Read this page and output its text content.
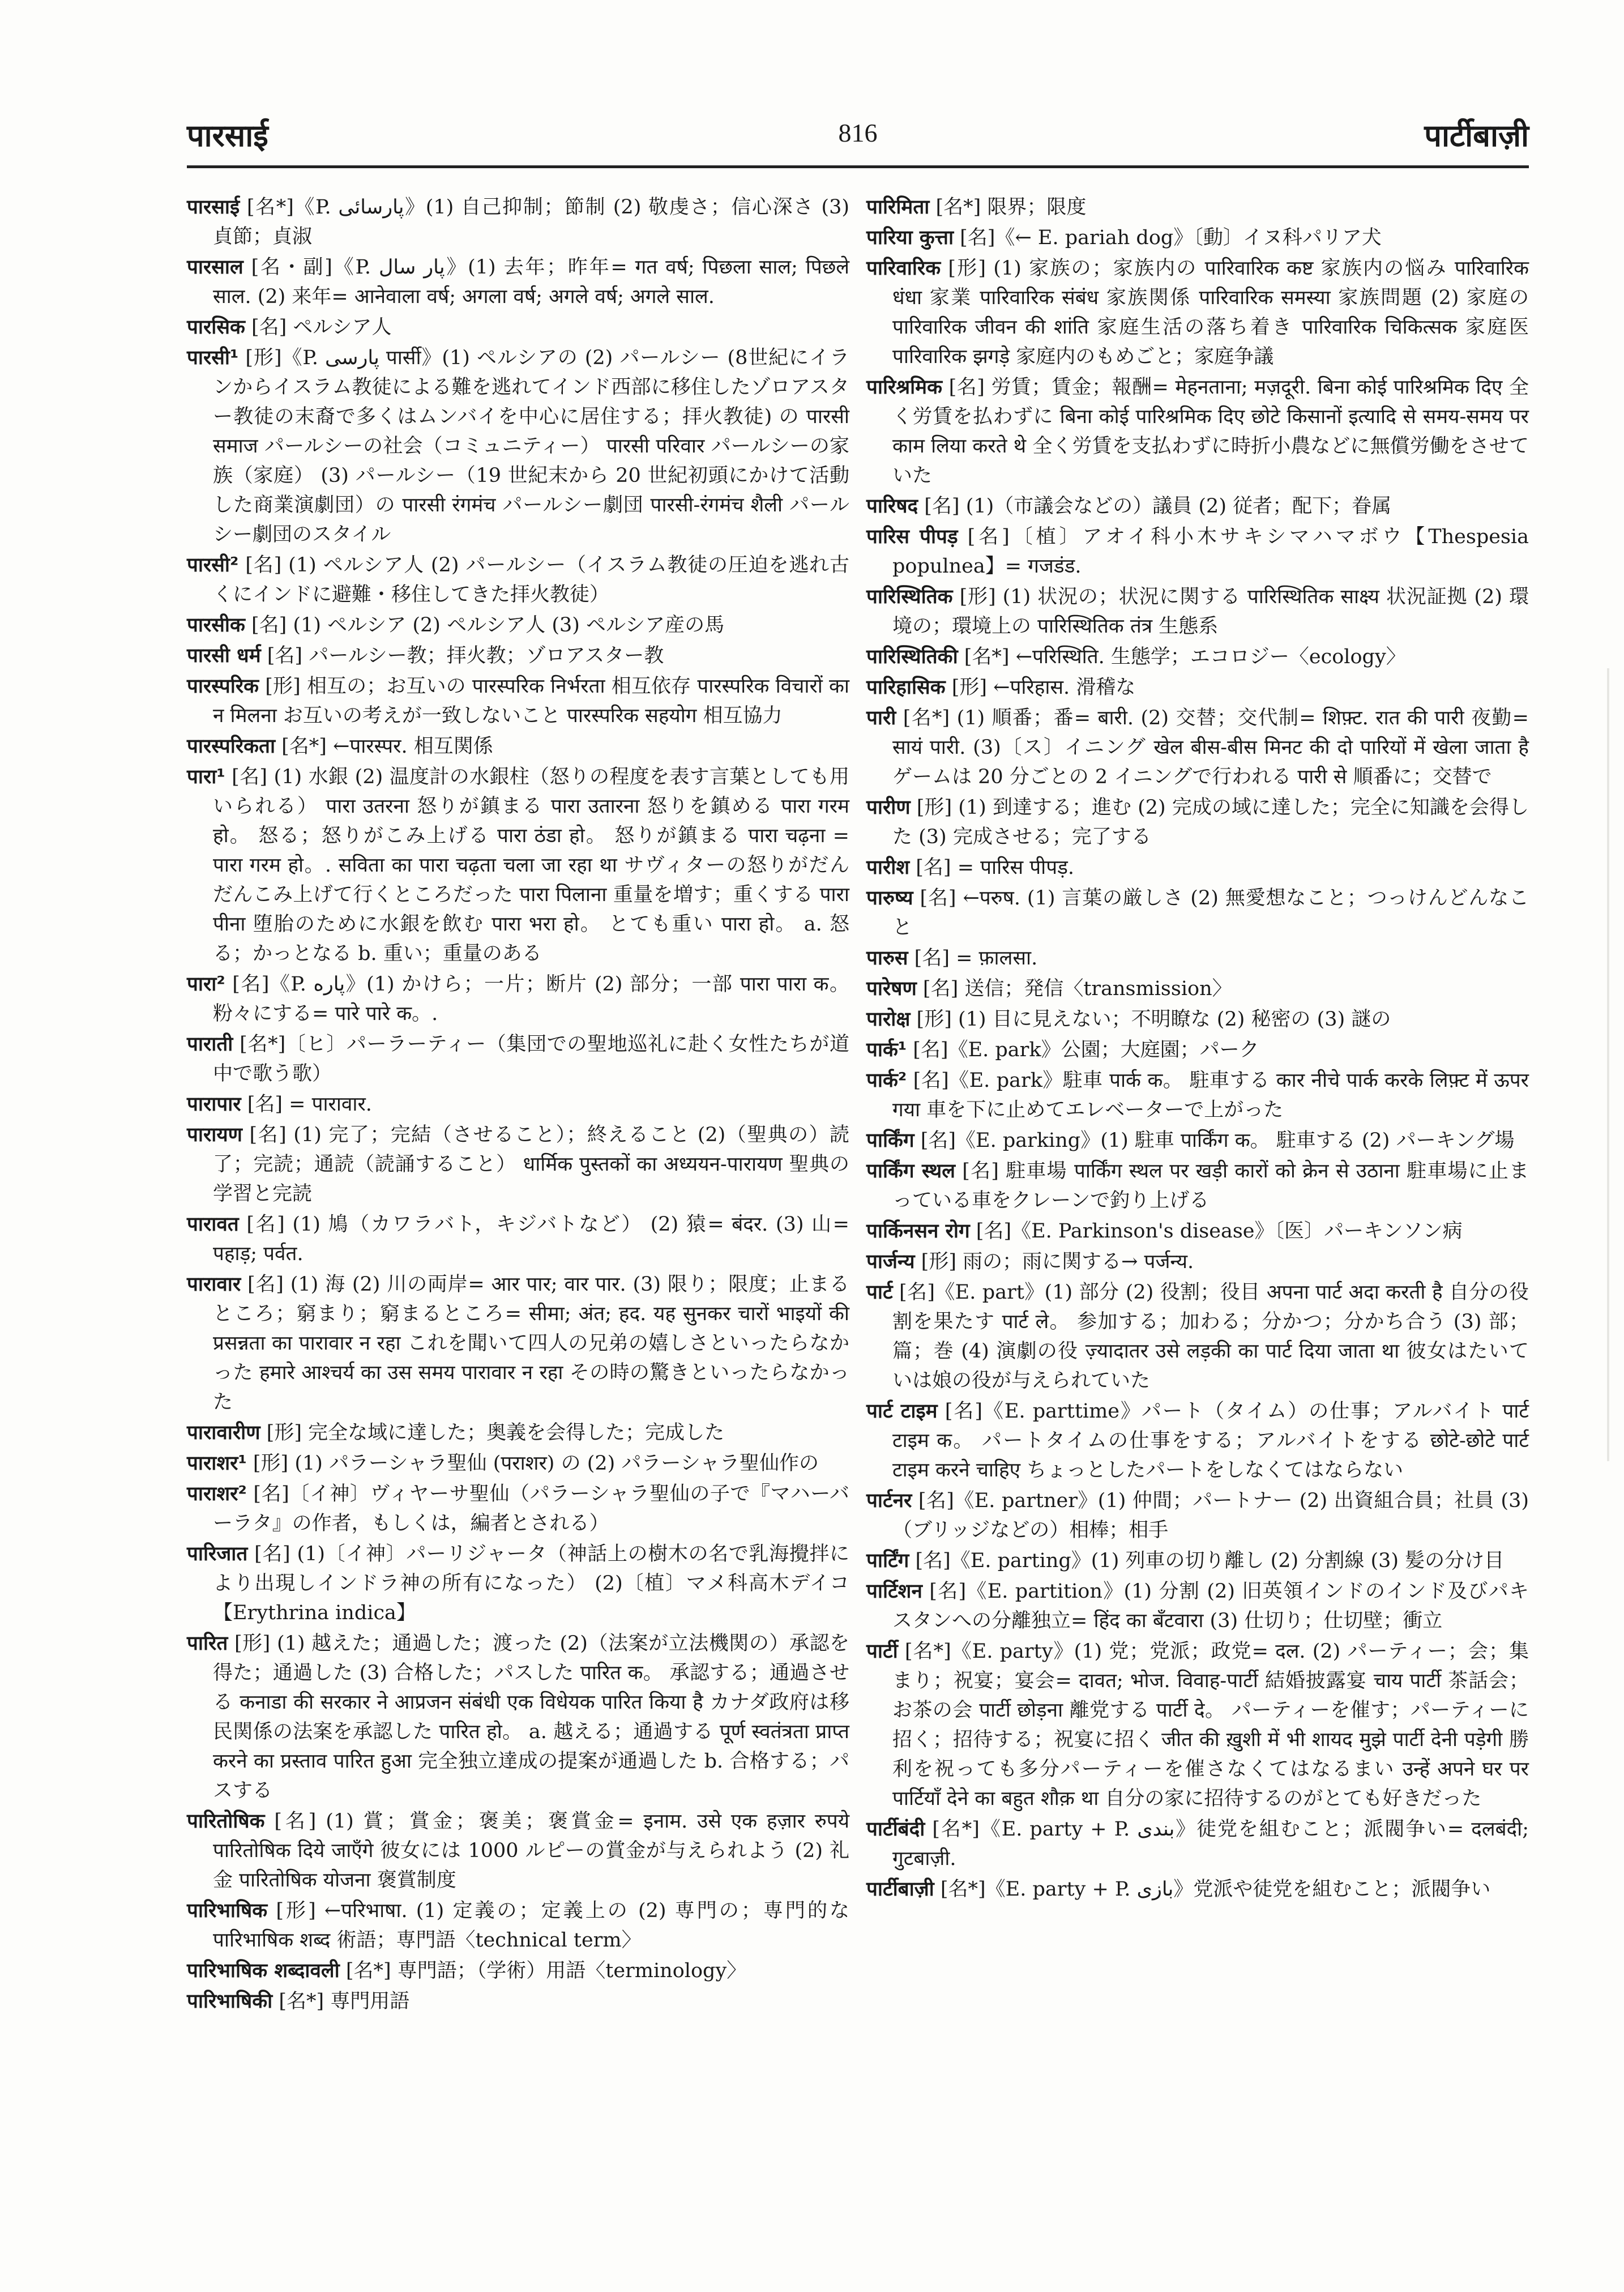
पारसाई	816	पार्टीबाज़ी

पारसाई [名*]《P. پارسائی》(1) 自己抑制；節制 (2) 敬虔さ；信心深さ (3) 貞節；貞淑

पारसाल [名・副]《P. پار سال》(1) 去年；昨年= गत वर्ष; पिछला साल; पिछले साल. (2) 来年= आनेवाला वर्ष; अगला वर्ष; अगले वर्ष; अगले साल.

पारसिक [名] ペルシア人

पारसी¹ [形]《P. پارسی पार्सी》(1) ペルシアの (2) パールシー (8世紀にイランからイスラム教徒による難を逃れてインド西部に移住したゾロアスター教徒の末裔で多くはムンバイを中心に居住する；拝火教徒) の पारसी समाज パールシーの社会（コミュニティー） पारसी परिवार パールシーの家族（家庭） (3) パールシー（19 世紀末から 20 世紀初頭にかけて活動した商業演劇団）の पारसी रंगमंच パールシー劇団 पारसी-रंगमंच शैली パールシー劇団のスタイル

पारसी² [名] (1) ペルシア人 (2) パールシー（イスラム教徒の圧迫を逃れ古くにインドに避難・移住してきた拝火教徒）

पारसीक [名] (1) ペルシア (2) ペルシア人 (3) ペルシア産の馬

पारसी धर्म [名] パールシー教；拝火教；ゾロアスター教

पारस्परिक [形] 相互の；お互いの पारस्परिक निर्भरता 相互依存 पारस्परिक विचारों का न मिलना お互いの考えが一致しないこと पारस्परिक सहयोग 相互協力

पारस्परिकता [名*] ←पारस्पर. 相互関係

पारा¹ [名] (1) 水銀 (2) 温度計の水銀柱（怒りの程度を表す言葉としても用いられる） पारा उतरना 怒りが鎮まる पारा उतारना 怒りを鎮める पारा गरम हो。 怒る；怒りがこみ上げる पारा ठंडा हो。 怒りが鎮まる पारा चढ़ना = पारा गरम हो。. सविता का पारा चढ़ता चला जा रहा था サヴィターの怒りがだんだんこみ上げて行くところだった पारा पिलाना 重量を増す；重くする पारा पीना 堕胎のために水銀を飲む पारा भरा हो。 とても重い पारा हो。 a. 怒る；かっとなる b. 重い；重量のある

पारा² [名]《P. پاره》(1) かけら；一片；断片 (2) 部分；一部 पारा पारा क。粉々にする= पारे पारे क。.

पाराती [名*]〔ヒ〕パーラーティー（集団での聖地巡礼に赴く女性たちが道中で歌う歌）

पारापार [名] = पारावार.

पारायण [名] (1) 完了；完結（させること）；終えること (2)（聖典の）読了；完読；通読（読誦すること） धार्मिक पुस्तकों का अध्ययन-पारायण 聖典の学習と完読

पारावत [名] (1) 鳩（カワラバト，キジバトなど） (2) 猿= बंदर. (3) 山= पहाड़; पर्वत.

पारावार [名] (1) 海 (2) 川の両岸= आर पार; वार पार. (3) 限り；限度；止まるところ；窮まり；窮まるところ= सीमा; अंत; हद. यह सुनकर चारों भाइयों की प्रसन्नता का पारावार न रहा これを聞いて四人の兄弟の嬉しさといったらなかった हमारे आश्चर्य का उस समय पारावार न रहा その時の驚きといったらなかった

पारावारीण [形] 完全な域に達した；奥義を会得した；完成した

पाराशर¹ [形] (1) パラーシャラ聖仙 (पराशर) の (2) パラーシャラ聖仙作の

पाराशर² [名]〔イ神〕ヴィヤーサ聖仙（パラーシャラ聖仙の子で『マハーバーラタ』の作者，もしくは，編者とされる）

पारिजात [名] (1)〔イ神〕パーリジャータ（神話上の樹木の名で乳海攪拌により出現しインドラ神の所有になった） (2)〔植〕マメ科高木デイコ【Erythrina indica】

पारित [形] (1) 越えた；通過した；渡った (2)（法案が立法機関の）承認を得た；通過した (3) 合格した；パスした पारित क。 承認する；通過させる कनाडा की सरकार ने आप्रजन संबंधी एक विधेयक पारित किया है カナダ政府は移民関係の法案を承認した पारित हो。 a. 越える；通過する पूर्ण स्वतंत्रता प्राप्त करने का प्रस्ताव पारित हुआ 完全独立達成の提案が通過した b. 合格する；パスする

पारितोषिक [名] (1) 賞；賞金；褒美；褒賞金= इनाम. उसे एक हज़ार रुपये पारितोषिक दिये जाएँगे 彼女には 1000 ルピーの賞金が与えられよう (2) 礼金 पारितोषिक योजना 褒賞制度

पारिभाषिक [形] ←परिभाषा. (1) 定義の；定義上の (2) 専門の；専門的な पारिभाषिक शब्द 術語；専門語〈technical term〉

पारिभाषिक शब्दावली [名*] 専門語；（学術）用語〈terminology〉

पारिभाषिकी [名*] 専門用語

पारिमिता [名*] 限界；限度

पारिया कुत्ता [名]《← E. pariah dog》〔動〕イヌ科パリア犬

पारिवारिक [形] (1) 家族の；家族内の पारिवारिक कष्ट 家族内の悩み पारिवारिक धंधा 家業 पारिवारिक संबंध 家族関係 पारिवारिक समस्या 家族問題 (2) 家庭の पारिवारिक जीवन की शांति 家庭生活の落ち着き पारिवारिक चिकित्सक 家庭医 पारिवारिक झगड़े 家庭内のもめごと；家庭争議

पारिश्रमिक [名] 労賃；賃金；報酬= मेहनताना; मज़दूरी. बिना कोई पारिश्रमिक दिए 全く労賃を払わずに बिना कोई पारिश्रमिक दिए छोटे किसानों इत्यादि से समय-समय पर काम लिया करते थे 全く労賃を支払わずに時折小農などに無償労働をさせていた

पारिषद [名] (1)（市議会などの）議員 (2) 従者；配下；眷属

पारिस पीपड़ [名]〔植〕アオイ科小木サキシマハマボウ【Thespesia populnea】= गजडंड.

पारिस्थितिक [形] (1) 状況の；状況に関する पारिस्थितिक साक्ष्य 状況証拠 (2) 環境の；環境上の पारिस्थितिक तंत्र 生態系

पारिस्थितिकी [名*] ←परिस्थिति. 生態学；エコロジー〈ecology〉

पारिहासिक [形] ←परिहास. 滑稽な

पारी [名*] (1) 順番；番= बारी. (2) 交替；交代制= शिफ़्ट. रात की पारी 夜勤= सायं पारी. (3)〔ス〕イニング खेल बीस-बीस मिनट की दो पारियों में खेला जाता है ゲームは 20 分ごとの 2 イニングで行われる पारी से 順番に；交替で

पारीण [形] (1) 到達する；進む (2) 完成の域に達した；完全に知識を会得した (3) 完成させる；完了する

पारीश [名] = पारिस पीपड़.

पारुष्य [名] ←परुष. (1) 言葉の厳しさ (2) 無愛想なこと；つっけんどんなこと

पारुस [名] = फ़ालसा.

पारेषण [名] 送信；発信〈transmission〉

पारोक्ष [形] (1) 目に見えない；不明瞭な (2) 秘密の (3) 謎の

पार्क¹ [名]《E. park》公園；大庭園；パーク

पार्क² [名]《E. park》駐車 पार्क क。 駐車する कार नीचे पार्क करके लिफ़्ट में ऊपर गया 車を下に止めてエレベーターで上がった

पार्किंग [名]《E. parking》(1) 駐車 पार्किंग क。 駐車する (2) パーキング場

पार्किंग स्थल [名] 駐車場 पार्किंग स्थल पर खड़ी कारों को क्रेन से उठाना 駐車場に止まっている車をクレーンで釣り上げる

पार्किनसन रोग [名]《E. Parkinson's disease》〔医〕パーキンソン病

पार्जन्य [形] 雨の；雨に関する→ पर्जन्य.

पार्ट [名]《E. part》(1) 部分 (2) 役割；役目 अपना पार्ट अदा करती है 自分の役割を果たす पार्ट ले。 参加する；加わる；分かつ；分かち合う (3) 部；篇；巻 (4) 演劇の役 ज़्यादातर उसे लड़की का पार्ट दिया जाता था 彼女はたいていは娘の役が与えられていた

पार्ट टाइम [名]《E. parttime》パート（タイム）の仕事；アルバイト पार्ट टाइम क。 パートタイムの仕事をする；アルバイトをする छोटे-छोटे पार्ट टाइम करने चाहिए ちょっとしたパートをしなくてはならない

पार्टनर [名]《E. partner》(1) 仲間；パートナー (2) 出資組合員；社員 (3)（ブリッジなどの）相棒；相手

पार्टिंग [名]《E. parting》(1) 列車の切り離し (2) 分割線 (3) 髪の分け目

पार्टिशन [名]《E. partition》(1) 分割 (2) 旧英領インドのインド及びパキスタンへの分離独立= हिंद का बँटवारा (3) 仕切り；仕切壁；衝立

पार्टी [名*]《E. party》(1) 党；党派；政党= दल. (2) パーティー；会；集まり；祝宴；宴会= दावत; भोज. विवाह-पार्टी 結婚披露宴 चाय पार्टी 茶話会；お茶の会 पार्टी छोड़ना 離党する पार्टी दे。 パーティーを催す；パーティーに招く；招待する；祝宴に招く जीत की ख़ुशी में भी शायद मुझे पार्टी देनी पड़ेगी 勝利を祝っても多分パーティーを催さなくてはなるまい उन्हें अपने घर पर पार्टियाँ देने का बहुत शौक़ था 自分の家に招待するのがとても好きだった

पार्टीबंदी [名*]《E. party + P. بندی》徒党を組むこと；派閥争い= दलबंदी; गुटबाज़ी.

पार्टीबाज़ी [名*]《E. party + P. بازی》党派や徒党を組むこと；派閥争い
